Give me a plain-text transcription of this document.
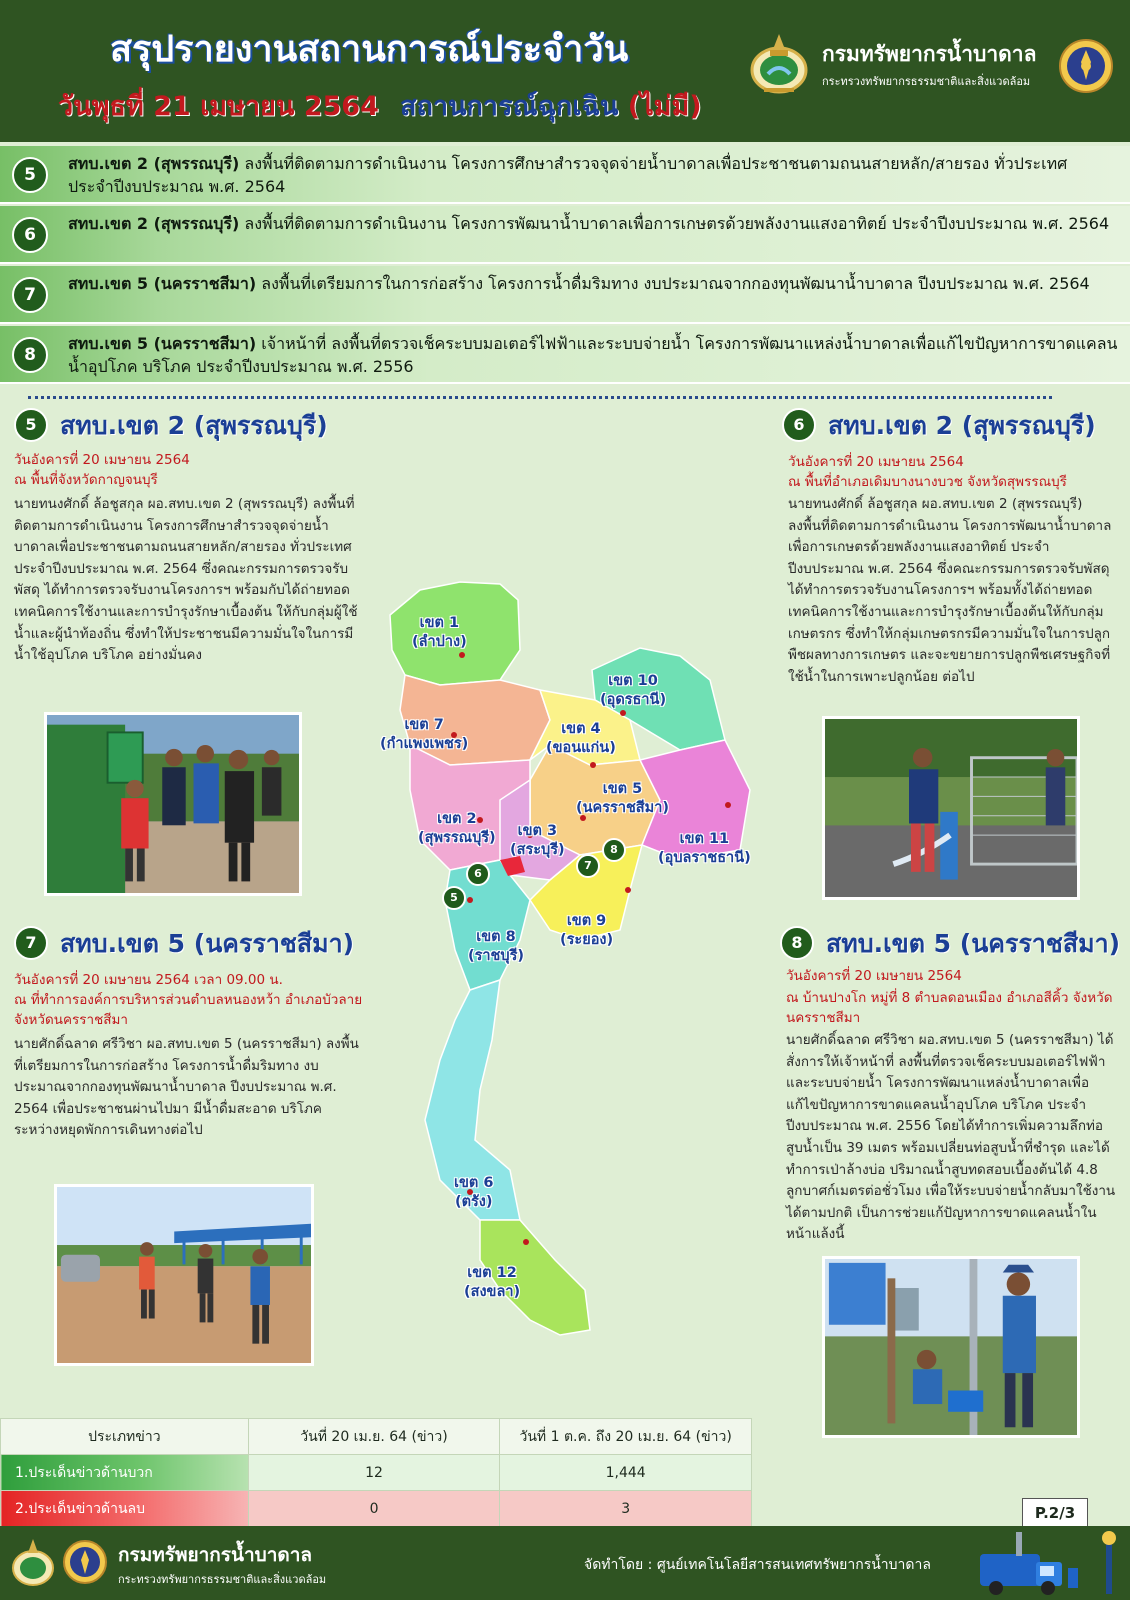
สรุปรายงานสถานการณ์ประจำวัน
วันพุธที่ 21 เมษายน 2564 สถานการณ์ฉุกเฉิน (ไม่มี)
กรมทรัพยากรน้ำบาดาล
กระทรวงทรัพยากรธรรมชาติและสิ่งแวดล้อม
5
สทบ.เขต 2 (สุพรรณบุรี) ลงพื้นที่ติดตามการดำเนินงาน โครงการศึกษาสำรวจจุดจ่ายน้ำบาดาลเพื่อประชาชนตามถนนสายหลัก/สายรอง ทั่วประเทศ ประจำปีงบประมาณ พ.ศ. 2564
6
สทบ.เขต 2 (สุพรรณบุรี) ลงพื้นที่ติดตามการดำเนินงาน โครงการพัฒนาน้ำบาดาลเพื่อการเกษตรด้วยพลังงานแสงอาทิตย์ ประจำปีงบประมาณ พ.ศ. 2564
7
สทบ.เขต 5 (นครราชสีมา) ลงพื้นที่เตรียมการในการก่อสร้าง โครงการน้ำดื่มริมทาง งบประมาณจากกองทุนพัฒนาน้ำบาดาล ปีงบประมาณ พ.ศ. 2564
8
สทบ.เขต 5 (นครราชสีมา) เจ้าหน้าที่ ลงพื้นที่ตรวจเช็คระบบมอเตอร์ไฟฟ้าและระบบจ่ายน้ำ โครงการพัฒนาแหล่งน้ำบาดาลเพื่อแก้ไขปัญหาการขาดแคลนน้ำอุปโภค บริโภค ประจำปีงบประมาณ พ.ศ. 2556
5 สทบ.เขต 2 (สุพรรณบุรี)
วันอังคารที่ 20 เมษายน 2564
ณ พื้นที่จังหวัดกาญจนบุรี
นายทนงศักดิ์ ล้อชูสกุล ผอ.สทบ.เขต 2 (สุพรรณบุรี) ลงพื้นที่ติดตามการดำเนินงาน โครงการศึกษาสำรวจจุดจ่ายน้ำบาดาลเพื่อประชาชนตามถนนสายหลัก/สายรอง ทั่วประเทศ ประจำปีงบประมาณ พ.ศ. 2564 ซึ่งคณะกรรมการตรวจรับพัสดุ ได้ทำการตรวจรับงานโครงการฯ พร้อมกับได้ถ่ายทอดเทคนิคการใช้งานและการบำรุงรักษาเบื้องต้น ให้กับกลุ่มผู้ใช้น้ำและผู้นำท้องถิ่น ซึ่งทำให้ประชาชนมีความมั่นใจในการมีน้ำใช้อุปโภค บริโภค อย่างมั่นคง
6 สทบ.เขต 2 (สุพรรณบุรี)
วันอังคารที่ 20 เมษายน 2564
ณ พื้นที่อำเภอเดิมบางนางบวช จังหวัดสุพรรณบุรี
นายทนงศักดิ์ ล้อชูสกุล ผอ.สทบ.เขต 2 (สุพรรณบุรี) ลงพื้นที่ติดตามการดำเนินงาน โครงการพัฒนาน้ำบาดาลเพื่อการเกษตรด้วยพลังงานแสงอาทิตย์ ประจำปีงบประมาณ พ.ศ. 2564 ซึ่งคณะกรรมการตรวจรับพัสดุ ได้ทำการตรวจรับงานโครงการฯ พร้อมทั้งได้ถ่ายทอดเทคนิคการใช้งานและการบำรุงรักษาเบื้องต้นให้กับกลุ่มเกษตรกร ซึ่งทำให้กลุ่มเกษตรกรมีความมั่นใจในการปลูกพืชผลทางการเกษตร และจะขยายการปลูกพืชเศรษฐกิจที่ใช้น้ำในการเพาะปลูกน้อย ต่อไป
7 สทบ.เขต 5 (นครราชสีมา)
วันอังคารที่ 20 เมษายน 2564 เวลา 09.00 น.
ณ ที่ทำการองค์การบริหารส่วนตำบลหนองหว้า อำเภอบัวลาย จังหวัดนครราชสีมา
นายศักดิ์ฉลาด ศรีวิชา ผอ.สทบ.เขต 5 (นครราชสีมา) ลงพื้นที่เตรียมการในการก่อสร้าง โครงการน้ำดื่มริมทาง งบประมาณจากกองทุนพัฒนาน้ำบาดาล ปีงบประมาณ พ.ศ. 2564 เพื่อประชาชนผ่านไปมา มีน้ำดื่มสะอาด บริโภค ระหว่างหยุดพักการเดินทางต่อไป
8 สทบ.เขต 5 (นครราชสีมา)
วันอังคารที่ 20 เมษายน 2564
ณ บ้านปางโก หมู่ที่ 8 ตำบลดอนเมือง อำเภอสีคิ้ว จังหวัดนครราชสีมา
นายศักดิ์ฉลาด ศรีวิชา ผอ.สทบ.เขต 5 (นครราชสีมา) ได้สั่งการให้เจ้าหน้าที่ ลงพื้นที่ตรวจเช็คระบบมอเตอร์ไฟฟ้าและระบบจ่ายน้ำ โครงการพัฒนาแหล่งน้ำบาดาลเพื่อแก้ไขปัญหาการขาดแคลนน้ำอุปโภค บริโภค ประจำปีงบประมาณ พ.ศ. 2556 โดยได้ทำการเพิ่มความลึกท่อสูบน้ำเป็น 39 เมตร พร้อมเปลี่ยนท่อสูบน้ำที่ชำรุด และได้ทำการเป่าล้างบ่อ ปริมาณน้ำสูบทดสอบเบื้องต้นได้ 4.8 ลูกบาศก์เมตรต่อชั่วโมง เพื่อให้ระบบจ่ายน้ำกลับมาใช้งานได้ตามปกติ เป็นการช่วยแก้ปัญหาการขาดแคลนน้ำในหน้าแล้งนี้
เขต 1
(ลำปาง)
เขต 7
(กำแพงเพชร)
เขต 10
(อุดรธานี)
เขต 4
(ขอนแก่น)
เขต 5
(นครราชสีมา)
เขต 2
(สุพรรณบุรี)	เขต 3
(สระบุรี)
เขต 11
(อุบลราชธานี)
เขต 8
(ราชบุรี)
เขต 9
(ระยอง)
เขต 6
(ตรัง)
เขต 12
(สงขลา)
5
6
7
8
ประเภทข่าว	วันที่ 20 เม.ย. 64 (ข่าว)	วันที่ 1 ต.ค. ถึง 20 เม.ย. 64 (ข่าว)
1.ประเด็นข่าวด้านบวก	12	1,444
2.ประเด็นข่าวด้านลบ	0	3	P.2/3
กรมทรัพยากรน้ำบาดาล
กระทรวงทรัพยากรธรรมชาติและสิ่งแวดล้อม
จัดทำโดย : ศูนย์เทคโนโลยีสารสนเทศทรัพยากรน้ำบาดาล
